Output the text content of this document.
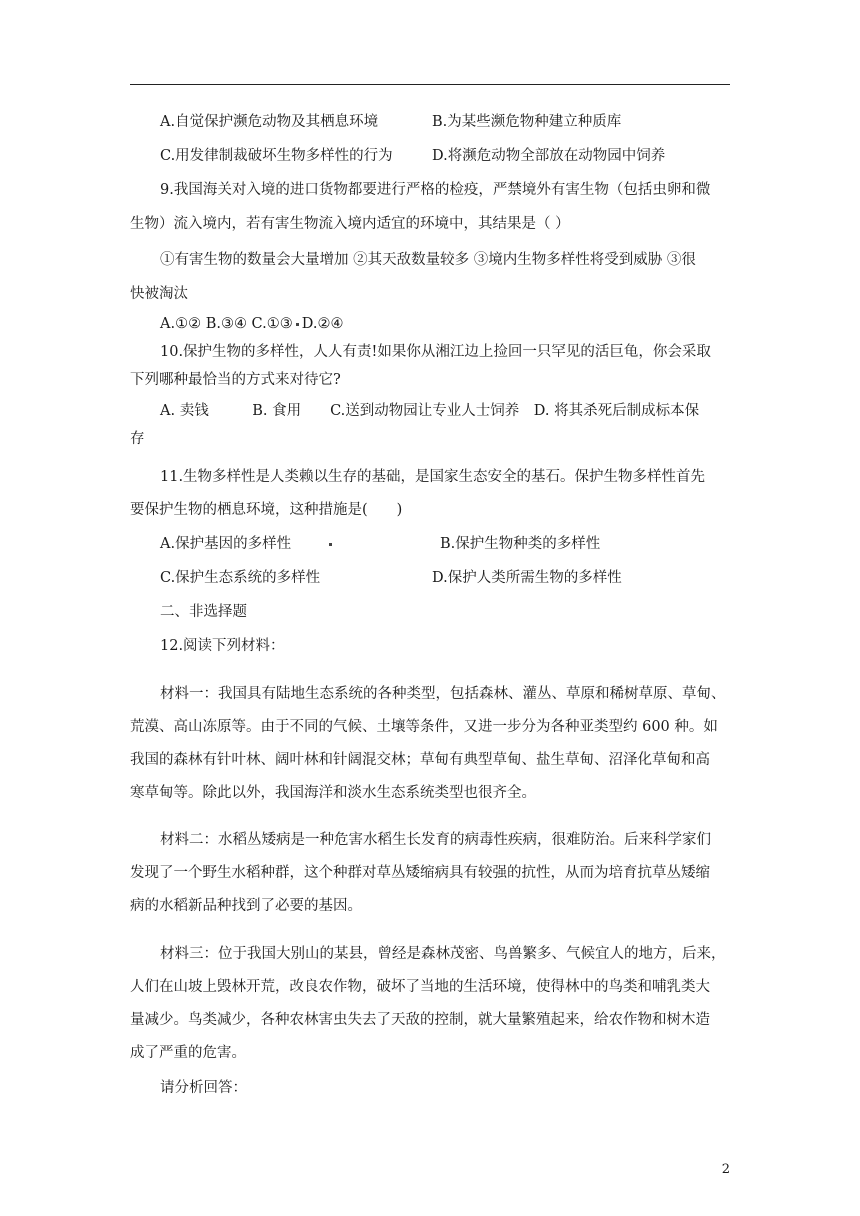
A.自觉保护濒危动物及其栖息环境	B.为某些濒危物种建立种质库
C.用发律制裁破坏生物多样性的行为	D.将濒危动物全部放在动物园中饲养
9.我国海关对入境的进口货物都要进行严格的检疫，严禁境外有害生物（包括虫卵和微
生物）流入境内，若有害生物流入境内适宜的环境中，其结果是（ ）
①有害生物的数量会大量增加 ②其天敌数量较多 ③境内生物多样性将受到威胁 ③很
快被淘汰
A.①② B.③④ C.①③ D.②④
10.保护生物的多样性，人人有责!如果你从湘江边上捡回一只罕见的活巨龟，你会采取
下列哪种最恰当的方式来对待它?
A. 卖钱　　　B. 食用　　C.送到动物园让专业人士饲养　D. 将其杀死后制成标本保
存
11.生物多样性是人类赖以生存的基础，是国家生态安全的基石。保护生物多样性首先
要保护生物的栖息环境，这种措施是(　　)
A.保护基因的多样性	B.保护生物种类的多样性
C.保护生态系统的多样性	D.保护人类所需生物的多样性
二、非选择题
12.阅读下列材料：
材料一：我国具有陆地生态系统的各种类型，包括森林、灌丛、草原和稀树草原、草甸、
荒漠、高山冻原等。由于不同的气候、土壤等条件，又进一步分为各种亚类型约 600 种。如
我国的森林有针叶林、阔叶林和针阔混交林；草甸有典型草甸、盐生草甸、沼泽化草甸和高
寒草甸等。除此以外，我国海洋和淡水生态系统类型也很齐全。
材料二：水稻丛矮病是一种危害水稻生长发育的病毒性疾病，很难防治。后来科学家们
发现了一个野生水稻种群，这个种群对草丛矮缩病具有较强的抗性，从而为培育抗草丛矮缩
病的水稻新品种找到了必要的基因。
材料三：位于我国大别山的某县，曾经是森林茂密、鸟兽繁多、气候宜人的地方，后来，
人们在山坡上毁林开荒，改良农作物，破坏了当地的生活环境，使得林中的鸟类和哺乳类大
量减少。鸟类减少，各种农林害虫失去了天敌的控制，就大量繁殖起来，给农作物和树木造
成了严重的危害。
请分析回答：
2
